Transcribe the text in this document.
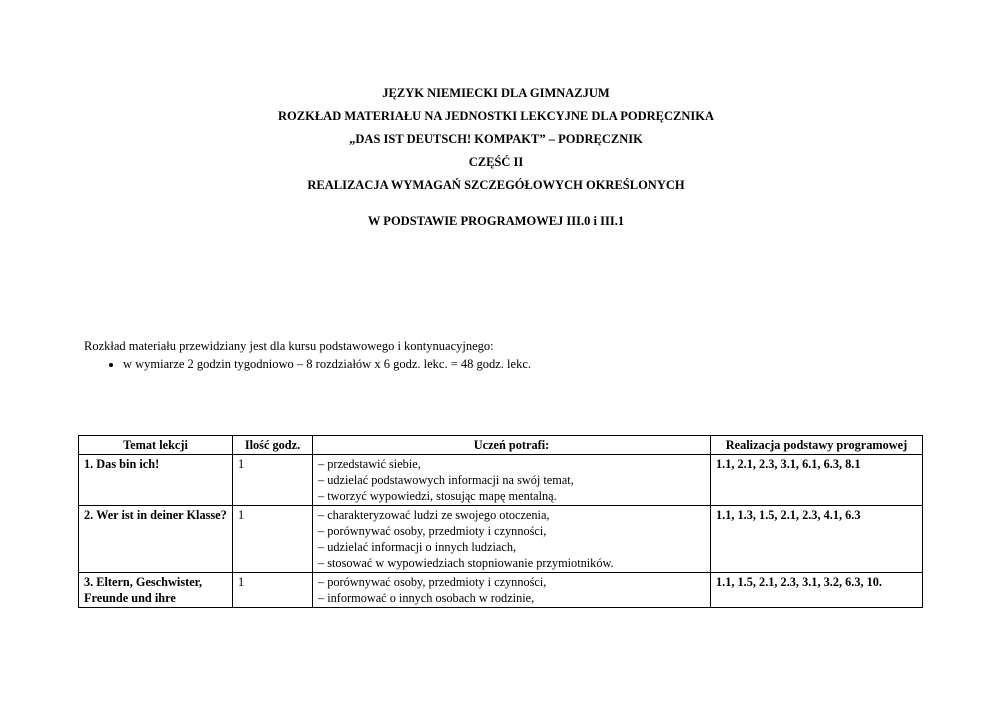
JĘZYK NIEMIECKI DLA GIMNAZJUM
ROZKŁAD MATERIAŁU NA JEDNOSTKI LEKCYJNE DLA PODRĘCZNIKA
„DAS IST DEUTSCH! KOMPAKT” – PODRĘCZNIK
CZĘŚĆ II
REALIZACJA WYMAGAŃ SZCZEGÓŁOWYCH OKREŚLONYCH
W PODSTAWIE PROGRAMOWEJ III.0 i III.1
Rozkład materiału przewidziany jest dla kursu podstawowego i kontynuacyjnego:
• w wymiarze 2 godzin tygodniowo – 8 rozdziałów x 6 godz. lekc. = 48 godz. lekc.
Temat lekcji	Ilość godz.	Uczeń potrafi:	Realizacja podstawy programowej
1. Das bin ich!	1	– przedstawić siebie,
– udzielać podstawowych informacji na swój temat,
– tworzyć wypowiedzi, stosując mapę mentalną.	1.1, 2.1, 2.3, 3.1, 6.1, 6.3, 8.1
2. Wer ist in deiner Klasse?	1	– charakteryzować ludzi ze swojego otoczenia,
– porównywać osoby, przedmioty i czynności,
– udzielać informacji o innych ludziach,
– stosować w wypowiedziach stopniowanie przymiotników.	1.1, 1.3, 1.5, 2.1, 2.3, 4.1, 6.3
3. Eltern, Geschwister, Freunde und ihre	1	– porównywać osoby, przedmioty i czynności,
– informować o innych osobach w rodzinie,	1.1, 1.5, 2.1, 2.3, 3.1, 3.2, 6.3, 10.
